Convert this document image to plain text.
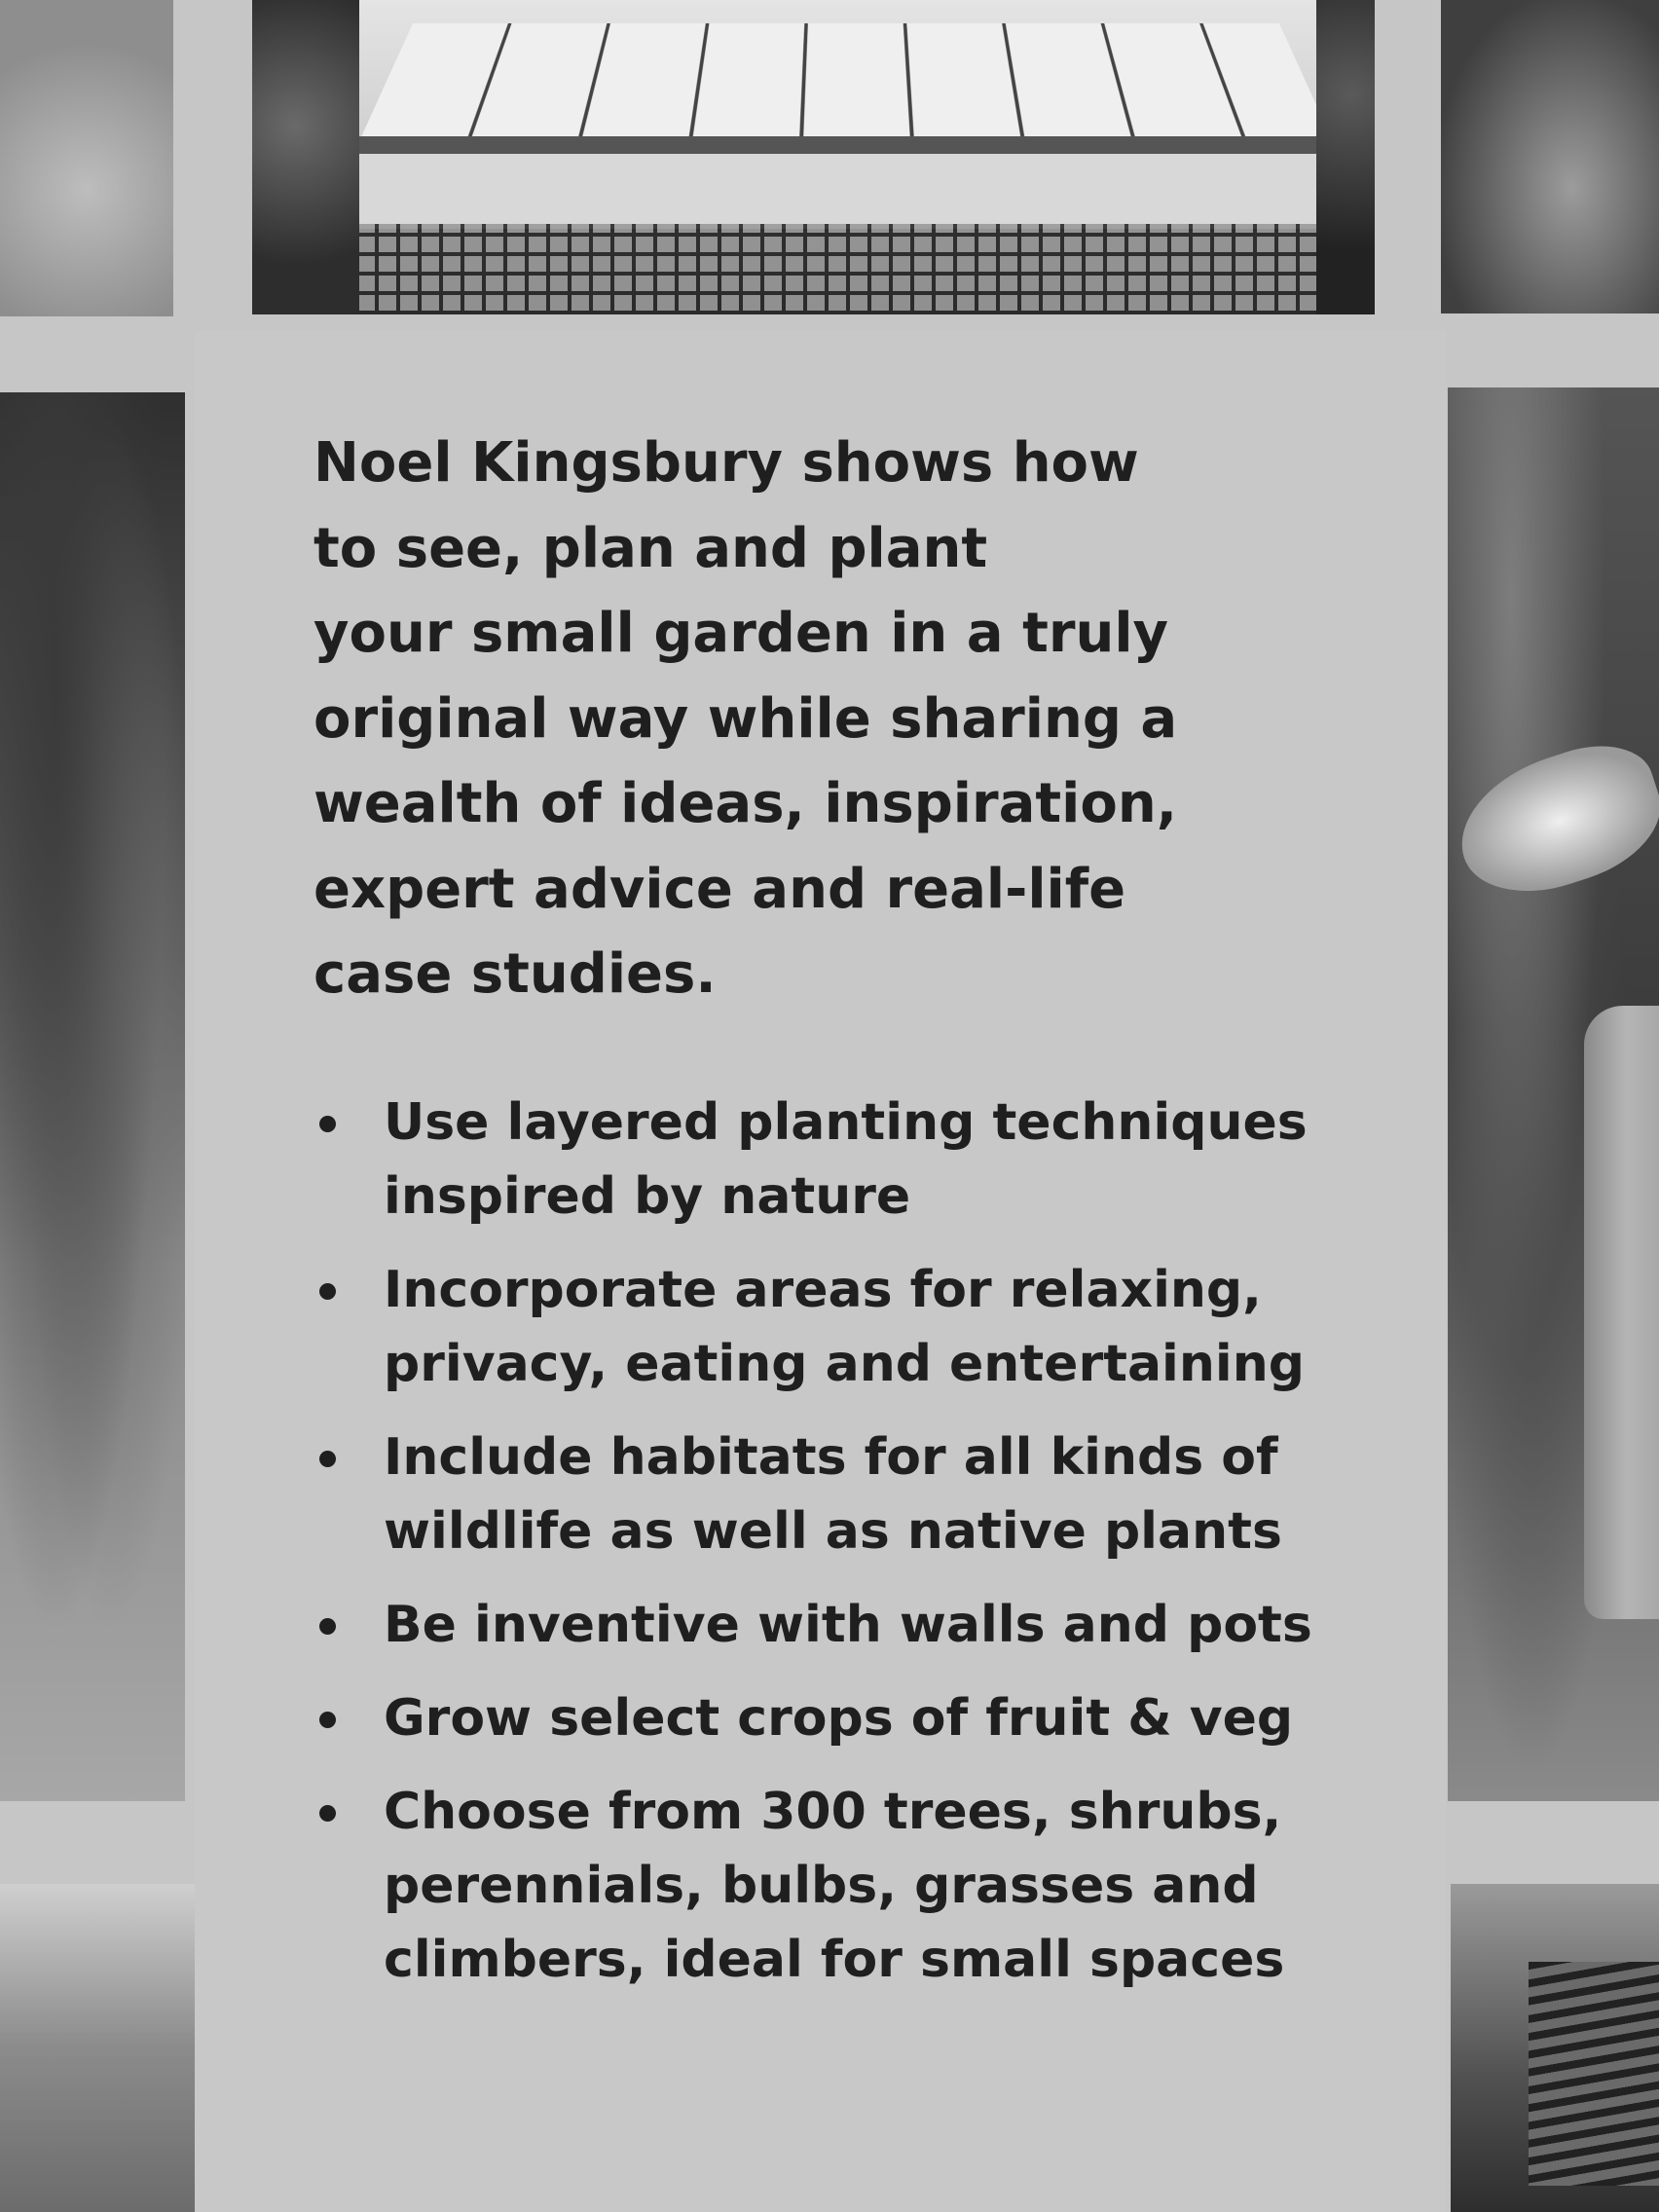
Noel Kingsbury shows how
to see, plan and plant
your small garden in a truly
original way while sharing a
wealth of ideas, inspiration,
expert advice and real-life
case studies.

Use layered planting techniques
inspired by nature
Incorporate areas for relaxing,
privacy, eating and entertaining
Include habitats for all kinds of
wildlife as well as native plants
Be inventive with walls and pots
Grow select crops of fruit & veg
Choose from 300 trees, shrubs,
perennials, bulbs, grasses and
climbers, ideal for small spaces
